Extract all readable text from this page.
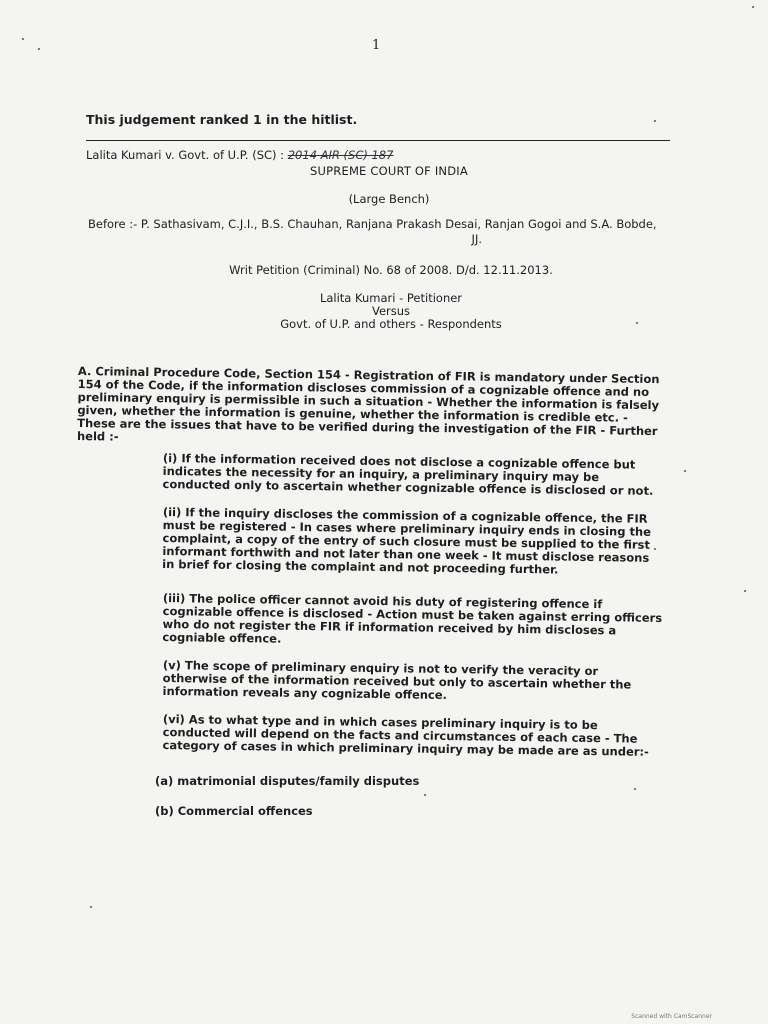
1
This judgement ranked 1 in the hitlist.
Lalita Kumari v. Govt. of U.P. (SC) : 2014 AIR (SC) 187
SUPREME COURT OF INDIA
(Large Bench)
Before :- P. Sathasivam, C.J.I., B.S. Chauhan, Ranjana Prakash Desai, Ranjan Gogoi and S.A. Bobde,
JJ.
Writ Petition (Criminal) No. 68 of 2008. D/d. 12.11.2013.
Lalita Kumari - Petitioner
Versus
Govt. of U.P. and others - Respondents
A. Criminal Procedure Code, Section 154 - Registration of FIR is mandatory under Section 154 of the Code, if the information discloses commission of a cognizable offence and no preliminary enquiry is permissible in such a situation - Whether the information is falsely given, whether the information is genuine, whether the information is credible etc. - These are the issues that have to be verified during the investigation of the FIR - Further held :-
(i) If the information received does not disclose a cognizable offence but indicates the necessity for an inquiry, a preliminary inquiry may be conducted only to ascertain whether cognizable offence is disclosed or not.
(ii) If the inquiry discloses the commission of a cognizable offence, the FIR must be registered - In cases where preliminary inquiry ends in closing the complaint, a copy of the entry of such closure must be supplied to the first informant forthwith and not later than one week - It must disclose reasons in brief for closing the complaint and not proceeding further.
(iii) The police officer cannot avoid his duty of registering offence if cognizable offence is disclosed - Action must be taken against erring officers who do not register the FIR if information received by him discloses a cogniable offence.
(v) The scope of preliminary enquiry is not to verify the veracity or otherwise of the information received but only to ascertain whether the information reveals any cognizable offence.
(vi) As to what type and in which cases preliminary inquiry is to be conducted will depend on the facts and circumstances of each case - The category of cases in which preliminary inquiry may be made are as under:-
(a) matrimonial disputes/family disputes
(b) Commercial offences
Scanned with CamScanner
